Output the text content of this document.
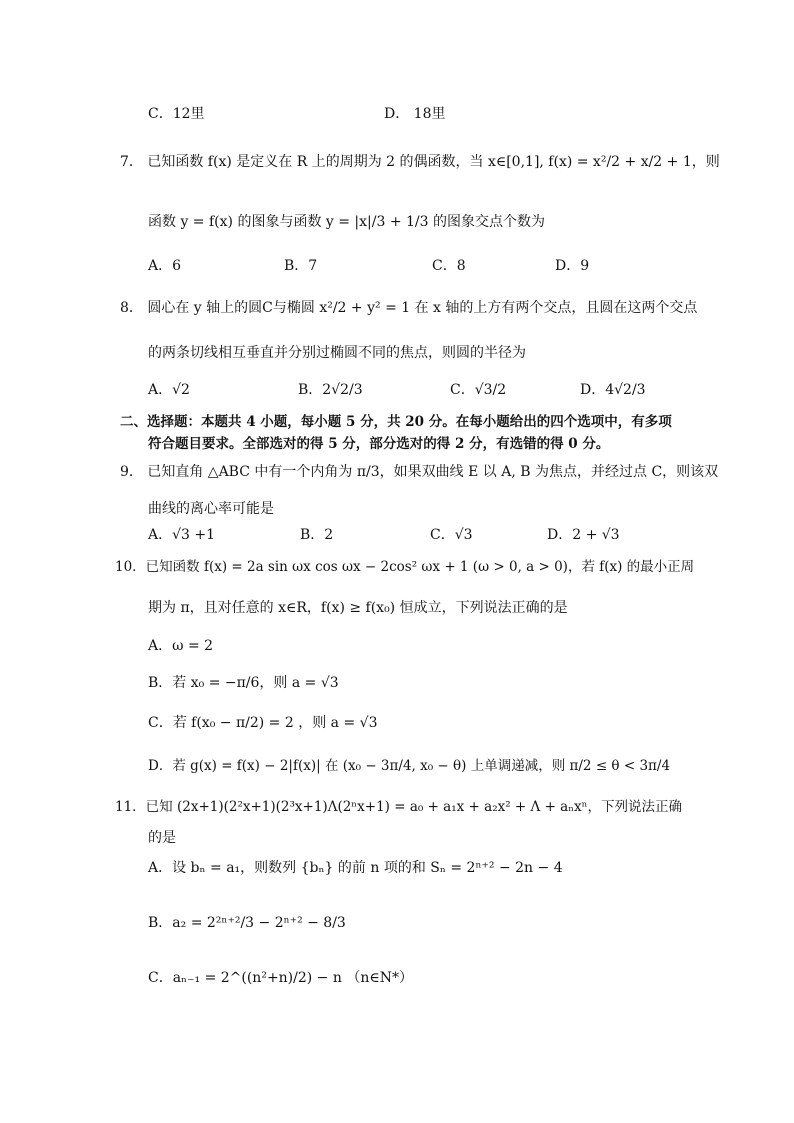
C．12里	D． 18里
7． 已知函数 f(x) 是定义在 R 上的周期为 2 的偶函数，当 x∈[0,1], f(x) = x²/2 + x/2 + 1，则
函数 y = f(x) 的图象与函数 y = |x|/3 + 1/3 的图象交点个数为
A．6	B．7	C．8	D．9
8． 圆心在 y 轴上的圆C与椭圆 x²/2 + y² = 1 在 x 轴的上方有两个交点，且圆在这两个交点
的两条切线相互垂直并分别过椭圆不同的焦点，则圆的半径为
A．√2	B．2√2/3	C．√3/2	D．4√2/3
二、选择题：本题共 4 小题，每小题 5 分，共 20 分。在每小题给出的四个选项中，有多项
符合题目要求。全部选对的得 5 分，部分选对的得 2 分，有选错的得 0 分。
9． 已知直角 △ABC 中有一个内角为 π/3，如果双曲线 E 以 A, B 为焦点，并经过点 C，则该双
曲线的离心率可能是
A．√3 +1	B．2	C．√3	D．2 + √3
10．已知函数 f(x) = 2a sin ωx cos ωx − 2cos² ωx + 1 (ω > 0, a > 0)，若 f(x) 的最小正周
期为 π，且对任意的 x∈R，f(x) ≥ f(x₀) 恒成立，下列说法正确的是
A．ω = 2
B．若 x₀ = −π/6，则 a = √3
C．若 f(x₀ − π/2) = 2 ，则 a = √3
D．若 g(x) = f(x) − 2|f(x)| 在 (x₀ − 3π/4, x₀ − θ) 上单调递减，则 π/2 ≤ θ < 3π/4
11．已知 (2x+1)(2²x+1)(2³x+1)Λ(2ⁿx+1) = a₀ + a₁x + a₂x² + Λ + aₙxⁿ，下列说法正确
的是
A．设 bₙ = a₁，则数列 {bₙ} 的前 n 项的和 Sₙ = 2ⁿ⁺² − 2n − 4
B．a₂ = 2²ⁿ⁺²/3 − 2ⁿ⁺² − 8/3
C．aₙ₋₁ = 2^((n²+n)/2) − n （n∈N*）
